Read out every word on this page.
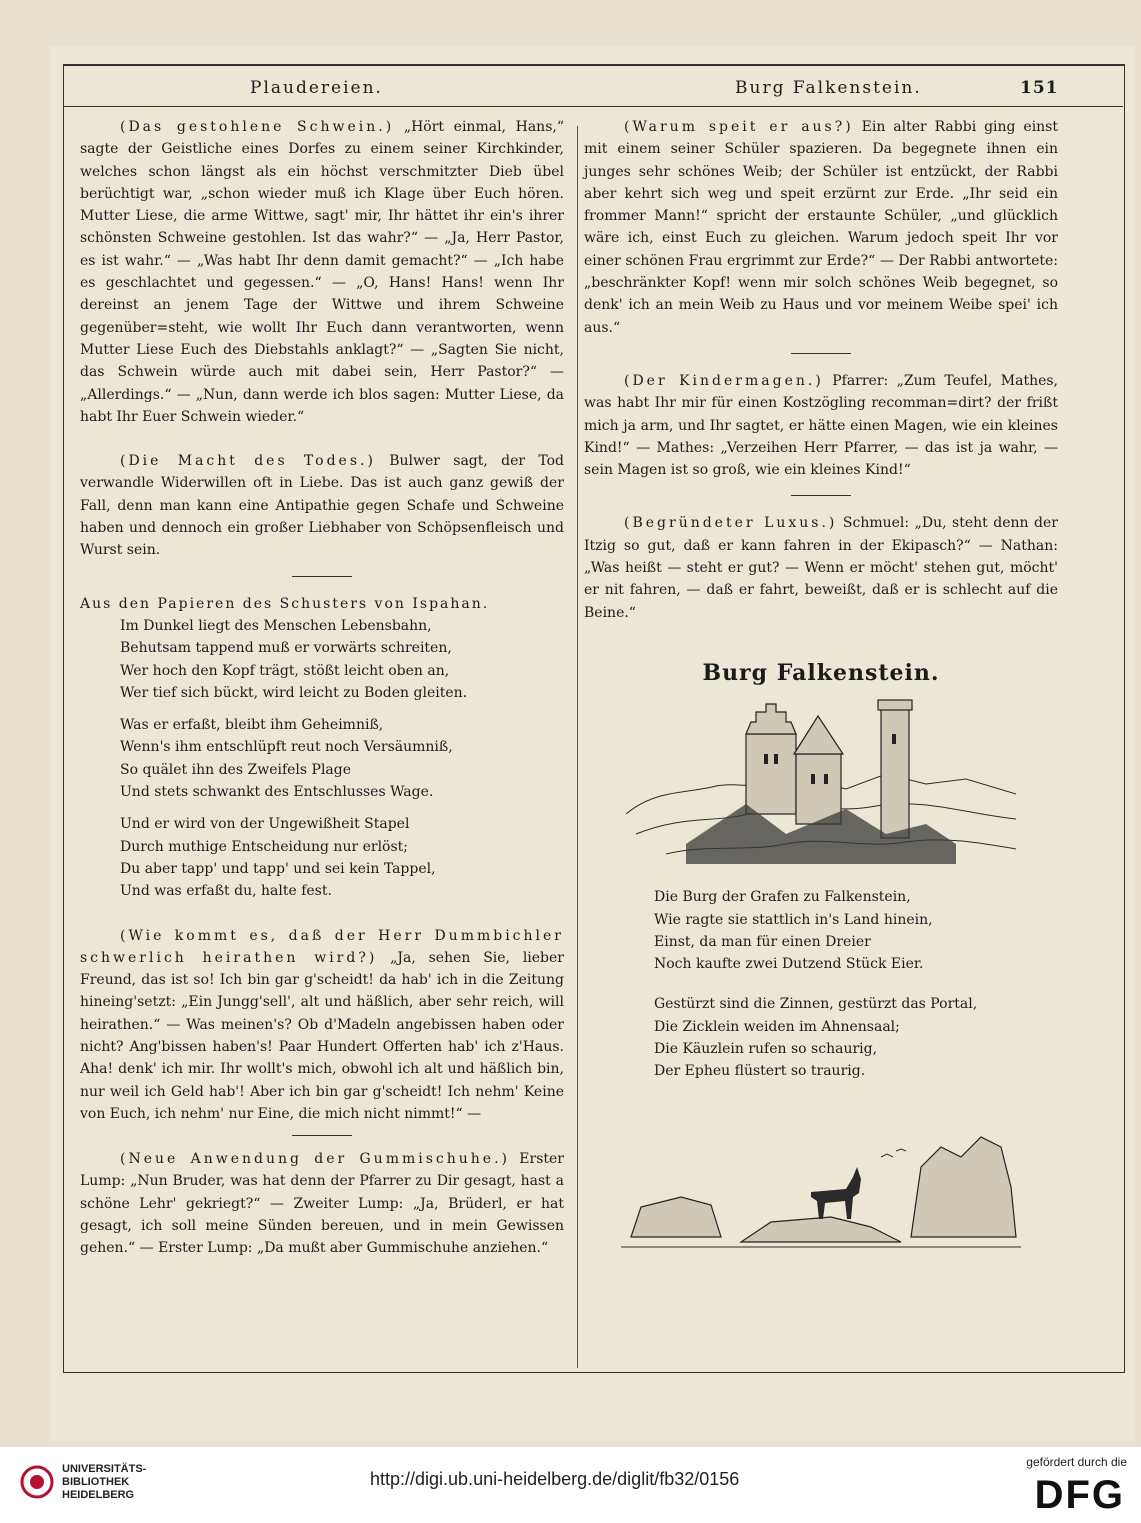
Plaudereien.	Burg Falkenstein.	151

(Das gestohlene Schwein.) „Hört einmal, Hans,“ sagte der Geistliche eines Dorfes zu einem seiner Kirchkinder, welches schon längst als ein höchst verschmitzter Dieb übel berüchtigt war, „schon wieder muß ich Klage über Euch hören. Mutter Liese, die arme Wittwe, sagt' mir, Ihr hättet ihr ein's ihrer schönsten Schweine gestohlen. Ist das wahr?“ — „Ja, Herr Pastor, es ist wahr.“ — „Was habt Ihr denn damit gemacht?“ — „Ich habe es geschlachtet und gegessen.“ — „O, Hans! Hans! wenn Ihr dereinst an jenem Tage der Wittwe und ihrem Schweine gegenüber=steht, wie wollt Ihr Euch dann verantworten, wenn Mutter Liese Euch des Diebstahls anklagt?“ — „Sagten Sie nicht, das Schwein würde auch mit dabei sein, Herr Pastor?“ — „Allerdings.“ — „Nun, dann werde ich blos sagen: Mutter Liese, da habt Ihr Euer Schwein wieder.“

(Die Macht des Todes.) Bulwer sagt, der Tod verwandle Widerwillen oft in Liebe. Das ist auch ganz gewiß der Fall, denn man kann eine Antipathie gegen Schafe und Schweine haben und dennoch ein großer Liebhaber von Schöpsenfleisch und Wurst sein.

Aus den Papieren des Schusters von Ispahan.

Im Dunkel liegt des Menschen Lebensbahn,
Behutsam tappend muß er vorwärts schreiten,
Wer hoch den Kopf trägt, stößt leicht oben an,
Wer tief sich bückt, wird leicht zu Boden gleiten.
Was er erfaßt, bleibt ihm Geheimniß,
Wenn's ihm entschlüpft reut noch Versäumniß,
So quälet ihn des Zweifels Plage
Und stets schwankt des Entschlusses Wage.
Und er wird von der Ungewißheit Stapel
Durch muthige Entscheidung nur erlöst;
Du aber tapp' und tapp' und sei kein Tappel,
Und was erfaßt du, halte fest.

(Wie kommt es, daß der Herr Dummbichler schwerlich heirathen wird?) „Ja, sehen Sie, lieber Freund, das ist so! Ich bin gar g'scheidt! da hab' ich in die Zeitung hineing'setzt: „Ein Jungg'sell', alt und häßlich, aber sehr reich, will heirathen.“ — Was meinen's? Ob d'Madeln angebissen haben oder nicht? Ang'bissen haben's! Paar Hundert Offerten hab' ich z'Haus. Aha! denk' ich mir. Ihr wollt's mich, obwohl ich alt und häßlich bin, nur weil ich Geld hab'! Aber ich bin gar g'scheidt! Ich nehm' Keine von Euch, ich nehm' nur Eine, die mich nicht nimmt!“ —

(Neue Anwendung der Gummischuhe.) Erster Lump: „Nun Bruder, was hat denn der Pfarrer zu Dir gesagt, hast a schöne Lehr' gekriegt?“ — Zweiter Lump: „Ja, Brüderl, er hat gesagt, ich soll meine Sünden bereuen, und in mein Gewissen gehen.“ — Erster Lump: „Da mußt aber Gummischuhe anziehen.“

(Warum speit er aus?) Ein alter Rabbi ging einst mit einem seiner Schüler spazieren. Da begegnete ihnen ein junges sehr schönes Weib; der Schüler ist entzückt, der Rabbi aber kehrt sich weg und speit erzürnt zur Erde. „Ihr seid ein frommer Mann!“ spricht der erstaunte Schüler, „und glücklich wäre ich, einst Euch zu gleichen. Warum jedoch speit Ihr vor einer schönen Frau ergrimmt zur Erde?“ — Der Rabbi antwortete: „beschränkter Kopf! wenn mir solch schönes Weib begegnet, so denk' ich an mein Weib zu Haus und vor meinem Weibe spei' ich aus.“

(Der Kindermagen.) Pfarrer: „Zum Teufel, Mathes, was habt Ihr mir für einen Kostzögling recomman=dirt? der frißt mich ja arm, und Ihr sagtet, er hätte einen Magen, wie ein kleines Kind!“ — Mathes: „Verzeihen Herr Pfarrer, — das ist ja wahr, — sein Magen ist so groß, wie ein kleines Kind!“

(Begründeter Luxus.) Schmuel: „Du, steht denn der Itzig so gut, daß er kann fahren in der Ekipasch?“ — Nathan: „Was heißt — steht er gut? — Wenn er möcht' stehen gut, möcht' er nit fahren, — daß er fahrt, beweißt, daß er is schlecht auf die Beine.“

Burg Falkenstein.
Die Burg der Grafen zu Falkenstein,
Wie ragte sie stattlich in's Land hinein,
Einst, da man für einen Dreier
Noch kaufte zwei Dutzend Stück Eier.
Gestürzt sind die Zinnen, gestürzt das Portal,
Die Zicklein weiden im Ahnensaal;
Die Käuzlein rufen so schaurig,
Der Epheu flüstert so traurig.
UNIVERSITÄTS-
BIBLIOTHEK
HEIDELBERG
http://digi.ub.uni-heidelberg.de/diglit/fb32/0156
gefördert durch die
DFG
